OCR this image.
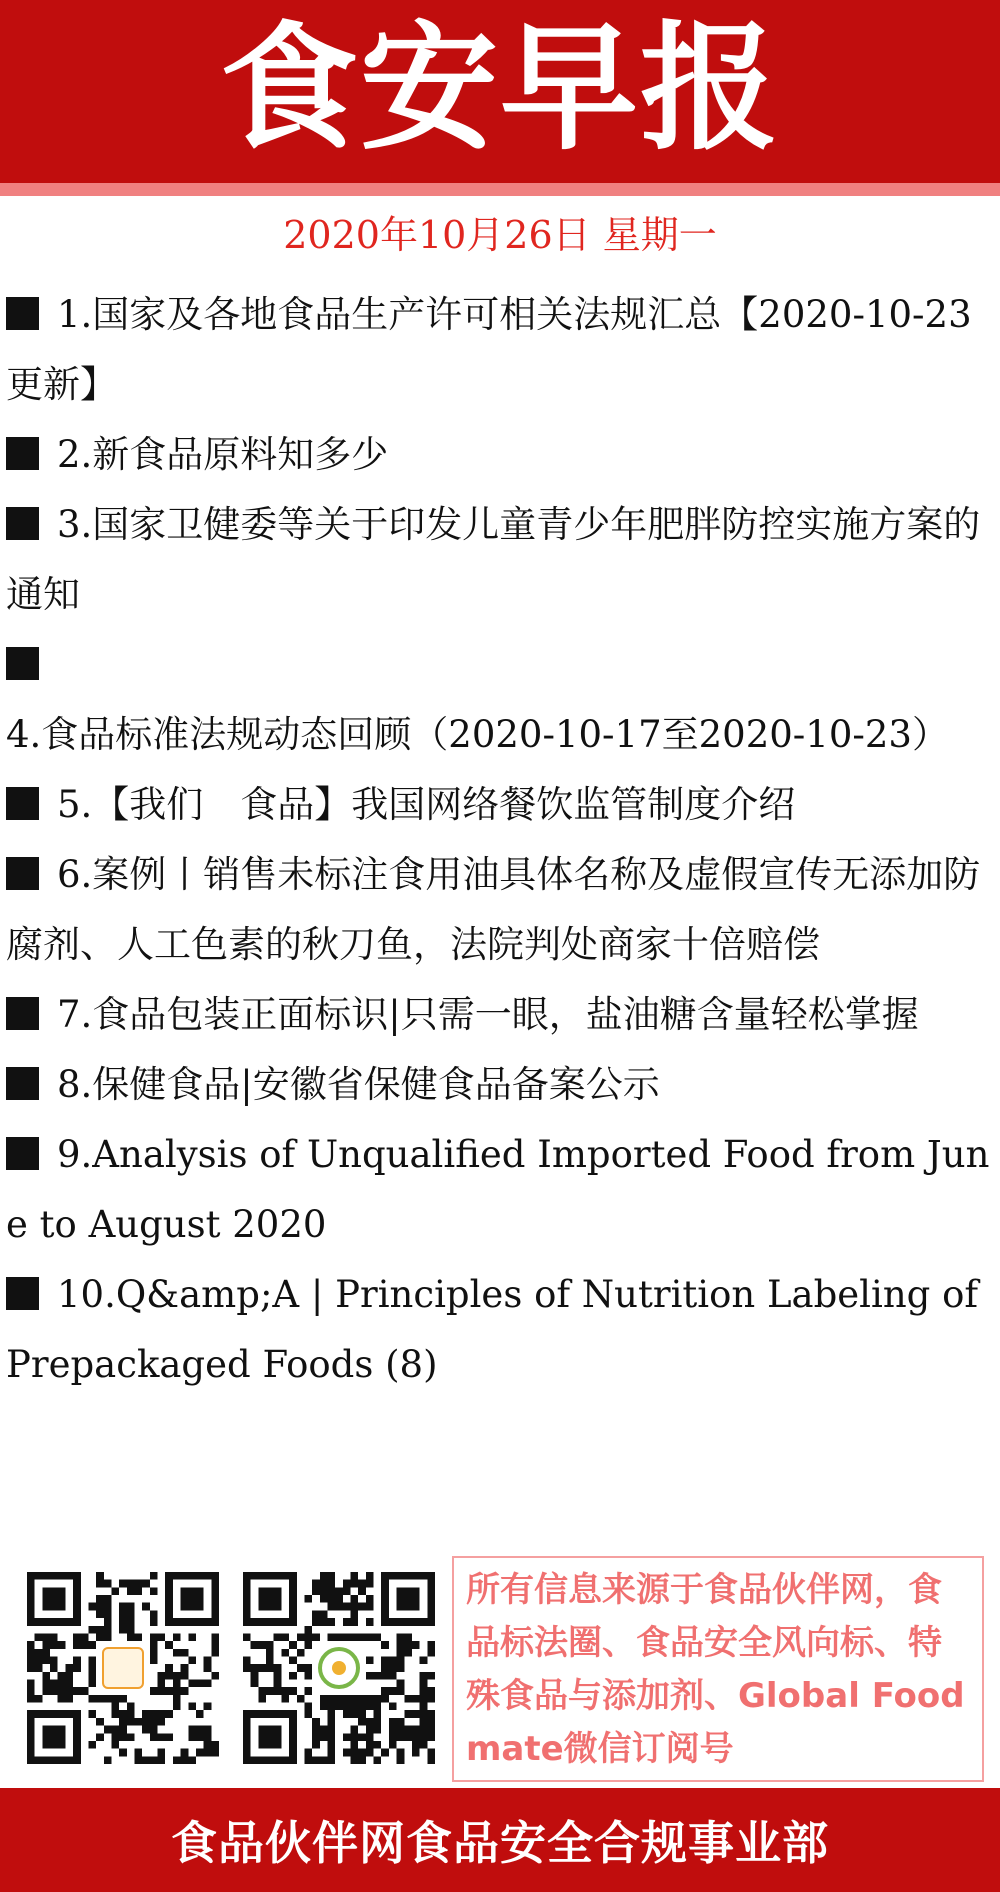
食安早报
2020年10月26日 星期一
1.国家及各地食品生产许可相关法规汇总【2020-10-23更新】
2.新食品原料知多少
3.国家卫健委等关于印发儿童青少年肥胖防控实施方案的通知
4.食品标准法规动态回顾（2020-10-17至2020-10-23）
5.【我们　食品】我国网络餐饮监管制度介绍
6.案例丨销售未标注食用油具体名称及虚假宣传无添加防腐剂、人工色素的秋刀鱼，法院判处商家十倍赔偿
7.食品包装正面标识|只需一眼，盐油糖含量轻松掌握
8.保健食品|安徽省保健食品备案公示
9.Analysis of Unqualified Imported Food from June to August 2020
10.Q&amp;A | Principles of Nutrition Labeling of Prepackaged Foods (8)
所有信息来源于食品伙伴网，食品标法圈、食品安全风向标、特殊食品与添加剂、Global Foodmate微信订阅号
食品伙伴网食品安全合规事业部
